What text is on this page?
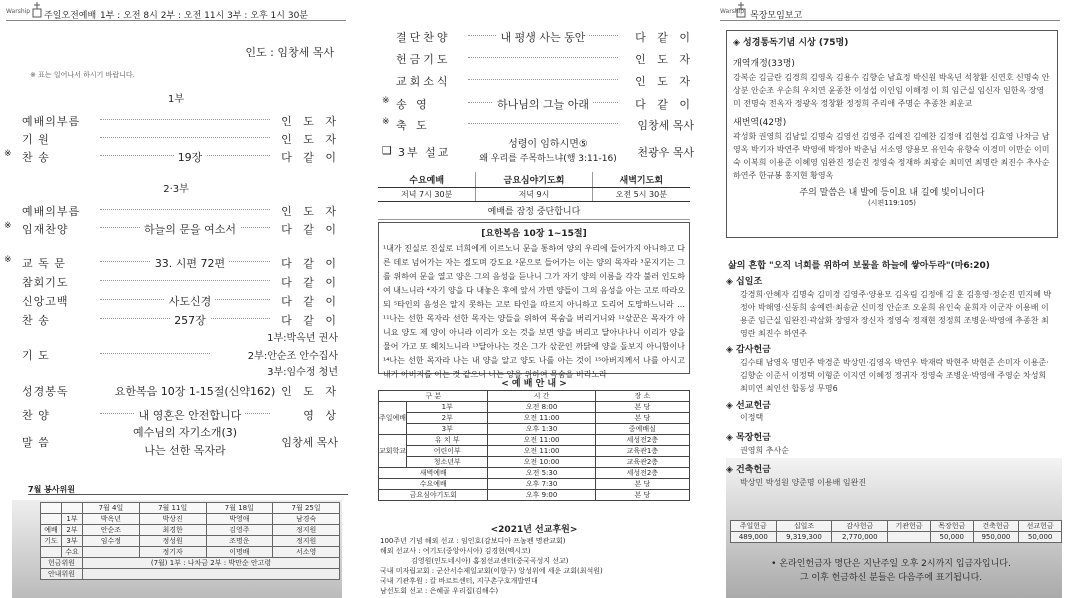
Warship 주일오전예배 1부 : 오전 8시 2부 : 오전 11시 3부 : 오후 1시 30분
인도 : 임창세 목사
※ 표는 일어나서 하시기 바랍니다.
1부
예배의부름	인 도 자
기 원	인 도 자
※ 찬 송	19장	다 같 이
2·3부
예배의부름	인 도 자
※ 임재찬양	하늘의 문을 여소서	다 같 이
※ 교 독 문	33. 시편 72편	다 같 이
참회기도	다 같 이
신앙고백	사도신경	다 같 이
찬 송	257장	다 같 이
1부:박옥년 권사
기 도	2부:안순조 안수집사
3부:임수정 청년
성경봉독	요한복음 10장 1-15절(신약162) 인 도 자
찬 양	내 영혼은 안전합니다	영 상
말 씀
예수님의 자기소개(3)
나는 선한 목자라
임창세 목사
7월 봉사위원
		7월 4일	7월 11일	7월 18일	7월 25일
	1부	박옥년	박상진	박영애	남경숙
예배	2부	안순조	최경한	김영주	정지원
기도	3부	임수정	정성원	조명운	정지원
	수요		정기자	이명배	서소영
헌금위원		(7월) 1부 : 나차금 2부 : 박만순 안고령			
안내위원					
결단찬양	내 평생 사는 동안	다 같 이
헌금기도	인 도 자
교회소식	인 도 자
※ 송 영	하나님의 그늘 아래	다 같 이
※ 축 도	임창세 목사
❑ 3부 설교
성령이 임하시면⑤
왜 우리를 주목하느냐(행 3:11-16)	천광우 목사
수요예배	금요심야기도회	새벽기도회
저녁 7시 30분	저녁 9시	오전 5시 30분
예배를 잠정 중단합니다		
[요한복음 10장 1~15절]
¹내가 진실로 진실로 너희에게 이르노니 문을 통하여 양의 우리에 들어가지 아니하고 다른 데로 넘어가는 자는 절도며 강도요 ²문으로 들어가는 이는 양의 목자라 ³문지기는 그를 위하여 문을 열고 양은 그의 음성을 듣나니 그가 자기 양의 이름을 각각 불러 인도하여 내느니라 ⁴자기 양을 다 내놓은 후에 앞서 가면 양들이 그의 음성을 아는 고로 따라오되 ⁵타인의 음성은 알지 못하는 고로 타인을 따르지 아니하고 도리어 도망하느니라 … ¹¹나는 선한 목자라 선한 목자는 양들을 위하여 목숨을 버리거니와 ¹²삯꾼은 목자가 아니요 양도 제 양이 아니라 이리가 오는 것을 보면 양을 버리고 달아나나니 이리가 양을 물어 가고 또 헤치느니라 ¹³달아나는 것은 그가 삯꾼인 까닭에 양을 돌보지 아니함이나 ¹⁴나는 선한 목자라 나는 내 양을 알고 양도 나를 아는 것이 ¹⁵아버지께서 나를 아시고 내가 아버지를 아는 것 같으니 나는 양을 위하여 목숨을 버리노라
< 예 배 안 내 >
구 분		시 간	장 소
주일예배	1부	오전 8:00	본 당
	2부	오전 11:00	본 당
	3부	오후 1:30	중예배실
교회학교	유 치 부	오전 11:00	세성전2층
	어린이부	오전 11:00	교육관1층
	청소년부	오전 10:00	교육관2층
새벽예배		오전 5:30	세성전2층
수요예배		오후 7:30	본 당
금요심야기도회		오후 9:00	본 당
<2021년 선교후원>
100주년 기념 해외 선교 : 임인호(감보디아 프놈펜 명관교회)
해외 선교사 : 여기도(중앙아시아) 김경현(멕시코)
김영원(인도네시아) 홈점선교센터(중국곡성지 선교)
국내 미자립교회 : 군산서수제일교회(이향구) 앙성위에 세운 교회(최석원)
국내 기관후원 : 칼 바르트센터, 지구촌구호개발연대
남선도회 선교 : 은혜골 우리집(김해수)
Warship 목장모임보고
◈ 성경통독기념 시상 (75명)
개역개정(33명)
강복순 김금란 김경희 김영옥 김용수 김향순 남효정 박신원 박옥년 석창환 신연호 신명숙 안상분 안순조 우순희 우치연 윤종찬 이성섭 이인임 이해정 이 희 임근실 임신자 임한옥 장영미 전명숙 전옥자 정광옥 정창환 정정희 주리애 주명순 추종찬 최운교
새번역(42명)
곽성화 권영희 김남일 김명숙 김영선 김영주 김예진 김예찬 김정애 김현섭 김효영 나차금 남영옥 박기자 박연주 박영애 박정아 박춘님 서소영 양용모 유인숙 유향숙 이경미 이만순 이미숙 이복희 이용준 이혜영 임완진 정순진 정영숙 정재하 최광순 최미연 최명란 최진수 추사순 하연주 한규봉 홍지현 황영옥
주의 말씀은 내 발에 등이요 내 길에 빛이니이다
(시편119:105)
삶의 흔합 "오직 너희를 위하여 보물을 하늘에 쌓아두라"(마6:20)
◈ 십일조
강경희·안혜자 김명숙 김미경 김영주·양용모 김옥림 김정애 김 훈 김흥영·정순진 민지혜 박정아 박해영·신동희 송예련·최송균 신미정 안순조 오윤희 유인숙 윤희자 이군자 이용배 이용준 임근실 임완진·곽삼화 장영자 장신자 정영숙 정재현 정정희 조병운·박영애 추종찬 최영란 최진수 하연주
◈ 감사헌금
김수태 남영옥 명민주 박경준 박상민·김영옥 박연우 박재락 박현주 박현준 손미자 이용준·김향순 이준서 이정택 이형준 이지연 이혜정 정귀자 정영숙 조병운·박영애 주영순 차성희 최미연 최인선 합동성 무명6
◈ 선교헌금
이정택
◈ 목장헌금
권영희 추사순
◈ 건축헌금
박상민 박성원 양준명 이용배 임완진
주일헌금	십일조	감사헌금	기관헌금	목장헌금	건축헌금	선교헌금
489,000	9,319,300	2,770,000		50,000	950,000	50,000
• 온라인헌금자 명단은 지난주일 오후 2시까지 입금자입니다.
그 이후 헌금하신 분들은 다음주에 표기됩니다.
